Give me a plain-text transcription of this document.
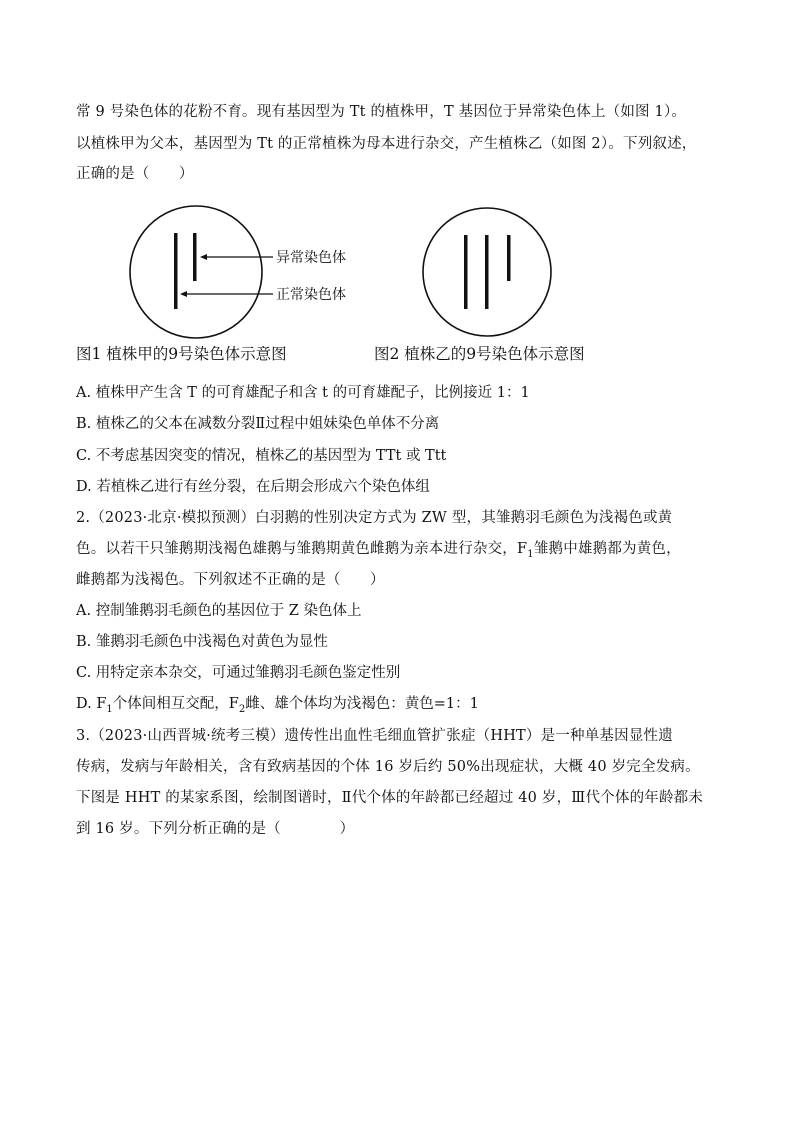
常 9 号染色体的花粉不育。现有基因型为 Tt 的植株甲，T 基因位于异常染色体上（如图 1）。
以植株甲为父本，基因型为 Tt 的正常植株为母本进行杂交，产生植株乙（如图 2）。下列叙述，
正确的是（　　）
异常染色体
正常染色体
图1 植株甲的9号染色体示意图	图2 植株乙的9号染色体示意图
A. 植株甲产生含 T 的可育雄配子和含 t 的可育雄配子，比例接近 1：1
B. 植株乙的父本在减数分裂Ⅱ过程中姐妹染色单体不分离
C. 不考虑基因突变的情况，植株乙的基因型为 TTt 或 Ttt
D. 若植株乙进行有丝分裂，在后期会形成六个染色体组
2.（2023·北京·模拟预测）白羽鹅的性别决定方式为 ZW 型，其雏鹅羽毛颜色为浅褐色或黄
色。以若干只雏鹅期浅褐色雄鹅与雏鹅期黄色雌鹅为亲本进行杂交，$F_1$雏鹅中雄鹅都为黄色，
雌鹅都为浅褐色。下列叙述不正确的是（　　）
A. 控制雏鹅羽毛颜色的基因位于 Z 染色体上
B. 雏鹅羽毛颜色中浅褐色对黄色为显性
C. 用特定亲本杂交，可通过雏鹅羽毛颜色鉴定性别
D. $F_1$个体间相互交配，$F_2$雌、雄个体均为浅褐色：黄色=1：1
3.（2023·山西晋城·统考三模）遗传性出血性毛细血管扩张症（HHT）是一种单基因显性遗
传病，发病与年龄相关，含有致病基因的个体 16 岁后约 50%出现症状，大概 40 岁完全发病。
下图是 HHT 的某家系图，绘制图谱时，Ⅱ代个体的年龄都已经超过 40 岁，Ⅲ代个体的年龄都未
到 16 岁。下列分析正确的是（　　　　）
